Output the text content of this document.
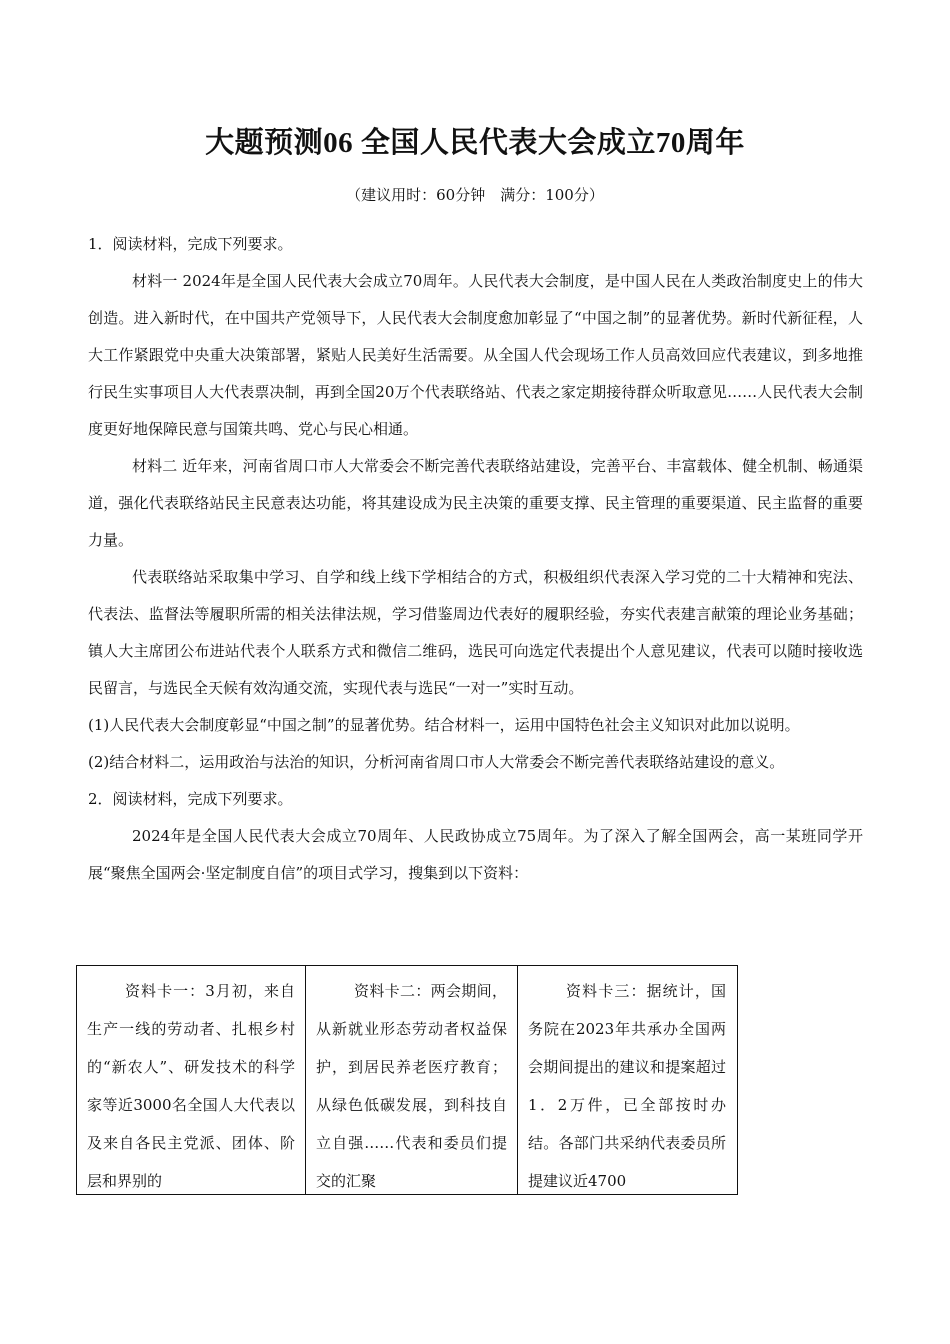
大题预测06 全国人民代表大会成立70周年
（建议用时：60分钟　满分：100分）

1．阅读材料，完成下列要求。

材料一 2024年是全国人民代表大会成立70周年。人民代表大会制度，是中国人民在人类政治制度史上的伟大创造。进入新时代，在中国共产党领导下，人民代表大会制度愈加彰显了“中国之制”的显著优势。新时代新征程，人大工作紧跟党中央重大决策部署，紧贴人民美好生活需要。从全国人代会现场工作人员高效回应代表建议，到多地推行民生实事项目人大代表票决制，再到全国20万个代表联络站、代表之家定期接待群众听取意见……人民代表大会制度更好地保障民意与国策共鸣、党心与民心相通。

材料二 近年来，河南省周口市人大常委会不断完善代表联络站建设，完善平台、丰富载体、健全机制、畅通渠道，强化代表联络站民主民意表达功能，将其建设成为民主决策的重要支撑、民主管理的重要渠道、民主监督的重要力量。

代表联络站采取集中学习、自学和线上线下学相结合的方式，积极组织代表深入学习党的二十大精神和宪法、代表法、监督法等履职所需的相关法律法规，学习借鉴周边代表好的履职经验，夯实代表建言献策的理论业务基础；镇人大主席团公布进站代表个人联系方式和微信二维码，选民可向选定代表提出个人意见建议，代表可以随时接收选民留言，与选民全天候有效沟通交流，实现代表与选民“一对一”实时互动。

(1)人民代表大会制度彰显“中国之制”的显著优势。结合材料一，运用中国特色社会主义知识对此加以说明。

(2)结合材料二，运用政治与法治的知识，分析河南省周口市人大常委会不断完善代表联络站建设的意义。

2．阅读材料，完成下列要求。

2024年是全国人民代表大会成立70周年、人民政协成立75周年。为了深入了解全国两会，高一某班同学开展“聚焦全国两会·坚定制度自信”的项目式学习，搜集到以下资料：

资料卡一：3月初，来自生产一线的劳动者、扎根乡村的“新农人”、研发技术的科学家等近3000名全国人大代表以及来自各民主党派、团体、阶层和界别的
资料卡二：两会期间，从新就业形态劳动者权益保护，到居民养老医疗教育；从绿色低碳发展，到科技自立自强……代表和委员们提交的汇聚
资料卡三：据统计，国务院在2023年共承办全国两会期间提出的建议和提案超过1．2万件，已全部按时办结。各部门共采纳代表委员所提建议近4700
